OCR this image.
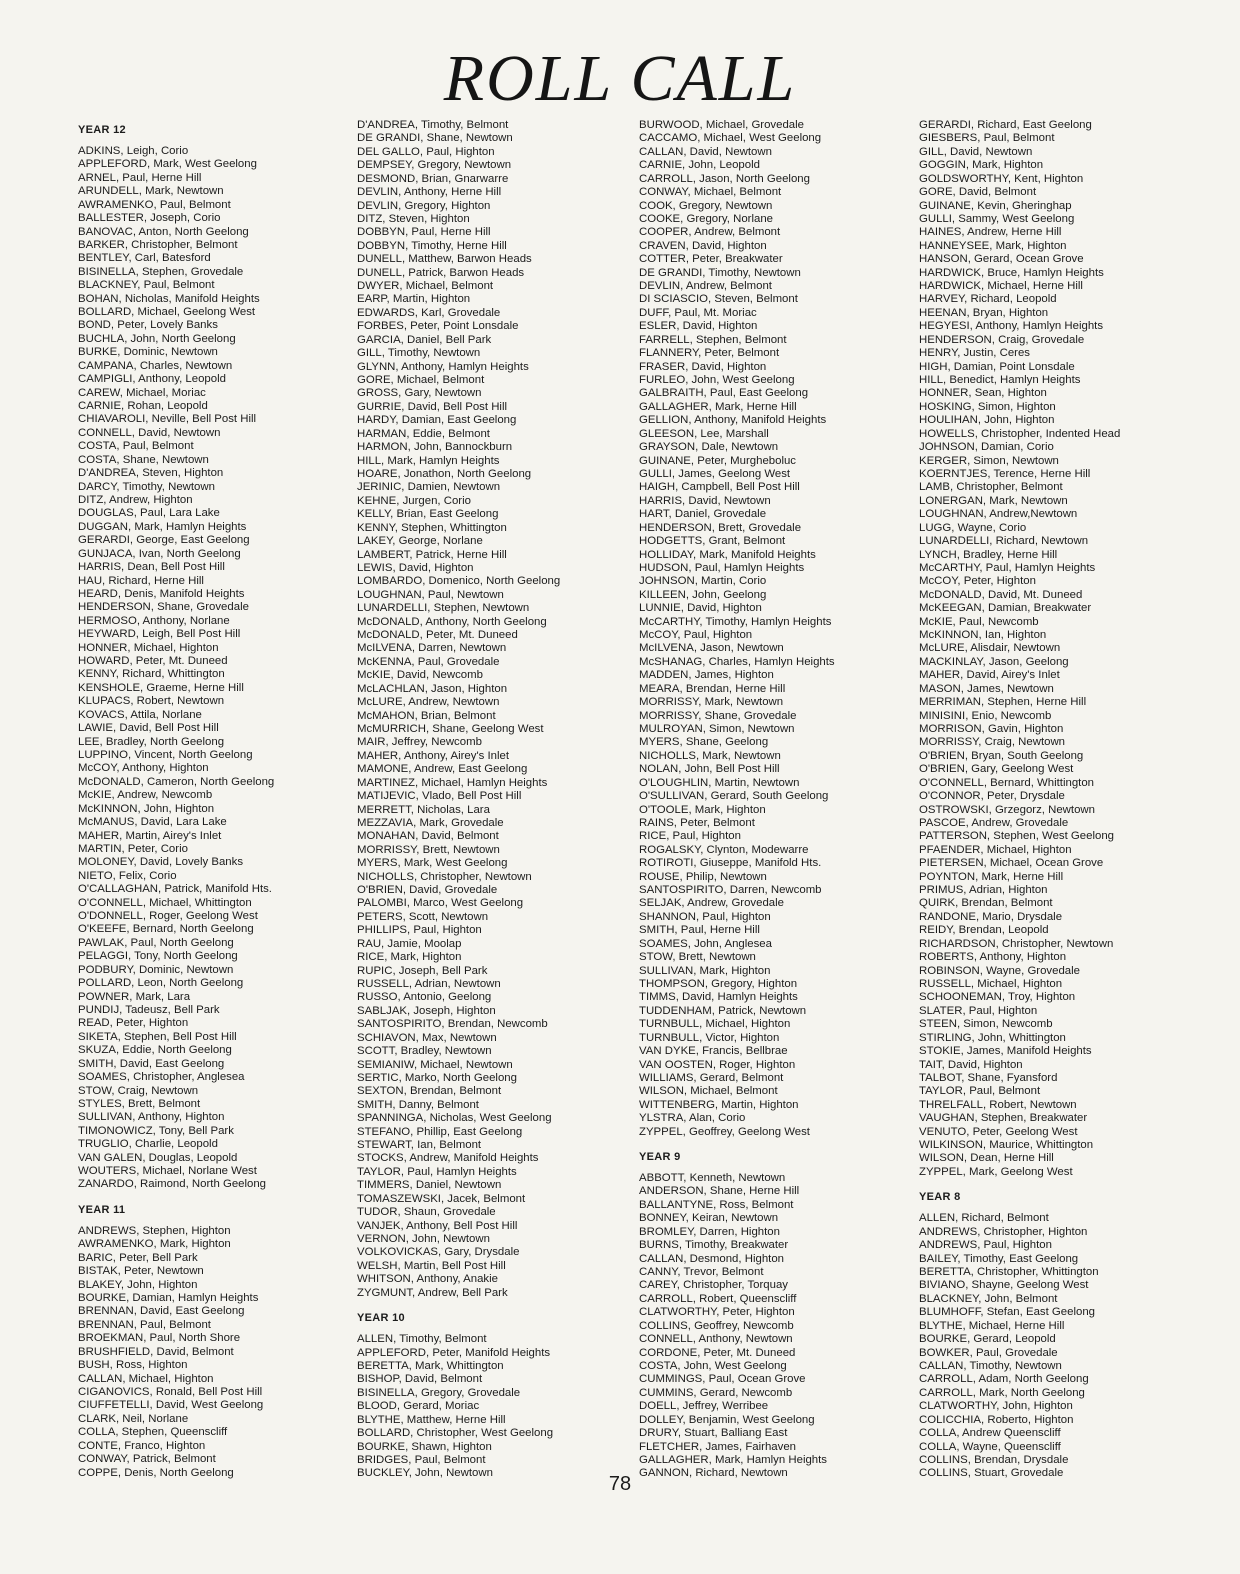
ROLL CALL
YEAR 12
ADKINS, Leigh, Corio
APPLEFORD, Mark, West Geelong
ARNEL, Paul, Herne Hill
ARUNDELL, Mark, Newtown
AWRAMENKO, Paul, Belmont
BALLESTER, Joseph, Corio
BANOVAC, Anton, North Geelong
BARKER, Christopher, Belmont
BENTLEY, Carl, Batesford
BISINELLA, Stephen, Grovedale
BLACKNEY, Paul, Belmont
BOHAN, Nicholas, Manifold Heights
BOLLARD, Michael, Geelong West
BOND, Peter, Lovely Banks
BUCHLA, John, North Geelong
BURKE, Dominic, Newtown
CAMPANA, Charles, Newtown
CAMPIGLI, Anthony, Leopold
CAREW, Michael, Moriac
CARNIE, Rohan, Leopold
CHIAVAROLI, Neville, Bell Post Hill
CONNELL, David, Newtown
COSTA, Paul, Belmont
COSTA, Shane, Newtown
D'ANDREA, Steven, Highton
DARCY, Timothy, Newtown
DITZ, Andrew, Highton
DOUGLAS, Paul, Lara Lake
DUGGAN, Mark, Hamlyn Heights
GERARDI, George, East Geelong
GUNJACA, Ivan, North Geelong
HARRIS, Dean, Bell Post Hill
HAU, Richard, Herne Hill
HEARD, Denis, Manifold Heights
HENDERSON, Shane, Grovedale
HERMOSO, Anthony, Norlane
HEYWARD, Leigh, Bell Post Hill
HONNER, Michael, Highton
HOWARD, Peter, Mt. Duneed
KENNY, Richard, Whittington
KENSHOLE, Graeme, Herne Hill
KLUPACS, Robert, Newtown
KOVACS, Attila, Norlane
LAWIE, David, Bell Post Hill
LEE, Bradley, North Geelong
LUPPINO, Vincent, North Geelong
McCOY, Anthony, Highton
McDONALD, Cameron, North Geelong
McKIE, Andrew, Newcomb
McKINNON, John, Highton
McMANUS, David, Lara Lake
MAHER, Martin, Airey's Inlet
MARTIN, Peter, Corio
MOLONEY, David, Lovely Banks
NIETO, Felix, Corio
O'CALLAGHAN, Patrick, Manifold Hts.
O'CONNELL, Michael, Whittington
O'DONNELL, Roger, Geelong West
O'KEEFE, Bernard, North Geelong
PAWLAK, Paul, North Geelong
PELAGGI, Tony, North Geelong
PODBURY, Dominic, Newtown
POLLARD, Leon, North Geelong
POWNER, Mark, Lara
PUNDIJ, Tadeusz, Bell Park
READ, Peter, Highton
SIKETA, Stephen, Bell Post Hill
SKUZA, Eddie, North Geelong
SMITH, David, East Geelong
SOAMES, Christopher, Anglesea
STOW, Craig, Newtown
STYLES, Brett, Belmont
SULLIVAN, Anthony, Highton
TIMONOWICZ, Tony, Bell Park
TRUGLIO, Charlie, Leopold
VAN GALEN, Douglas, Leopold
WOUTERS, Michael, Norlane West
ZANARDO, Raimond, North Geelong
YEAR 11
ANDREWS, Stephen, Highton
AWRAMENKO, Mark, Highton
BARIC, Peter, Bell Park
BISTAK, Peter, Newtown
BLAKEY, John, Highton
BOURKE, Damian, Hamlyn Heights
BRENNAN, David, East Geelong
BRENNAN, Paul, Belmont
BROEKMAN, Paul, North Shore
BRUSHFIELD, David, Belmont
BUSH, Ross, Highton
CALLAN, Michael, Highton
CIGANOVICS, Ronald, Bell Post Hill
CIUFFETELLI, David, West Geelong
CLARK, Neil, Norlane
COLLA, Stephen, Queenscliff
CONTE, Franco, Highton
CONWAY, Patrick, Belmont
COPPE, Denis, North Geelong
D'ANDREA, Timothy, Belmont
DE GRANDI, Shane, Newtown
DEL GALLO, Paul, Highton
DEMPSEY, Gregory, Newtown
DESMOND, Brian, Gnarwarre
DEVLIN, Anthony, Herne Hill
DEVLIN, Gregory, Highton
DITZ, Steven, Highton
DOBBYN, Paul, Herne Hill
DOBBYN, Timothy, Herne Hill
DUNELL, Matthew, Barwon Heads
DUNELL, Patrick, Barwon Heads
DWYER, Michael, Belmont
EARP, Martin, Highton
EDWARDS, Karl, Grovedale
FORBES, Peter, Point Lonsdale
GARCIA, Daniel, Bell Park
GILL, Timothy, Newtown
GLYNN, Anthony, Hamlyn Heights
GORE, Michael, Belmont
GROSS, Gary, Newtown
GURRIE, David, Bell Post Hill
HARDY, Damian, East Geelong
HARMAN, Eddie, Belmont
HARMON, John, Bannockburn
HILL, Mark, Hamlyn Heights
HOARE, Jonathon, North Geelong
JERINIC, Damien, Newtown
KEHNE, Jurgen, Corio
KELLY, Brian, East Geelong
KENNY, Stephen, Whittington
LAKEY, George, Norlane
LAMBERT, Patrick, Herne Hill
LEWIS, David, Highton
LOMBARDO, Domenico, North Geelong
LOUGHNAN, Paul, Newtown
LUNARDELLI, Stephen, Newtown
McDONALD, Anthony, North Geelong
McDONALD, Peter, Mt. Duneed
McILVENA, Darren, Newtown
McKENNA, Paul, Grovedale
McKIE, David, Newcomb
McLACHLAN, Jason, Highton
McLURE, Andrew, Newtown
McMAHON, Brian, Belmont
McMURRICH, Shane, Geelong West
MAIR, Jeffrey, Newcomb
MAHER, Anthony, Airey's Inlet
MAMONE, Andrew, East Geelong
MARTINEZ, Michael, Hamlyn Heights
MATIJEVIC, Vlado, Bell Post Hill
MERRETT, Nicholas, Lara
MEZZAVIA, Mark, Grovedale
MONAHAN, David, Belmont
MORRISSY, Brett, Newtown
MYERS, Mark, West Geelong
NICHOLLS, Christopher, Newtown
O'BRIEN, David, Grovedale
PALOMBI, Marco, West Geelong
PETERS, Scott, Newtown
PHILLIPS, Paul, Highton
RAU, Jamie, Moolap
RICE, Mark, Highton
RUPIC, Joseph, Bell Park
RUSSELL, Adrian, Newtown
RUSSO, Antonio, Geelong
SABLJAK, Joseph, Highton
SANTOSPIRITO, Brendan, Newcomb
SCHIAVON, Max, Newtown
SCOTT, Bradley, Newtown
SEMIANIW, Michael, Newtown
SERTIC, Marko, North Geelong
SEXTON, Brendan, Belmont
SMITH, Danny, Belmont
SPANNINGA, Nicholas, West Geelong
STEFANO, Phillip, East Geelong
STEWART, Ian, Belmont
STOCKS, Andrew, Manifold Heights
TAYLOR, Paul, Hamlyn Heights
TIMMERS, Daniel, Newtown
TOMASZEWSKI, Jacek, Belmont
TUDOR, Shaun, Grovedale
VANJEK, Anthony, Bell Post Hill
VERNON, John, Newtown
VOLKOVICKAS, Gary, Drysdale
WELSH, Martin, Bell Post Hill
WHITSON, Anthony, Anakie
ZYGMUNT, Andrew, Bell Park
YEAR 10
ALLEN, Timothy, Belmont
APPLEFORD, Peter, Manifold Heights
BERETTA, Mark, Whittington
BISHOP, David, Belmont
BISINELLA, Gregory, Grovedale
BLOOD, Gerard, Moriac
BLYTHE, Matthew, Herne Hill
BOLLARD, Christopher, West Geelong
BOURKE, Shawn, Highton
BRIDGES, Paul, Belmont
BUCKLEY, John, Newtown
BURWOOD, Michael, Grovedale
CACCAMO, Michael, West Geelong
CALLAN, David, Newtown
CARNIE, John, Leopold
CARROLL, Jason, North Geelong
CONWAY, Michael, Belmont
COOK, Gregory, Newtown
COOKE, Gregory, Norlane
COOPER, Andrew, Belmont
CRAVEN, David, Highton
COTTER, Peter, Breakwater
DE GRANDI, Timothy, Newtown
DEVLIN, Andrew, Belmont
DI SCIASCIO, Steven, Belmont
DUFF, Paul, Mt. Moriac
ESLER, David, Highton
FARRELL, Stephen, Belmont
FLANNERY, Peter, Belmont
FRASER, David, Highton
FURLEO, John, West Geelong
GALBRAITH, Paul, East Geelong
GALLAGHER, Mark, Herne Hill
GELLION, Anthony, Manifold Heights
GLEESON, Lee, Marshall
GRAYSON, Dale, Newtown
GUINANE, Peter, Murgheboluc
GULLI, James, Geelong West
HAIGH, Campbell, Bell Post Hill
HARRIS, David, Newtown
HART, Daniel, Grovedale
HENDERSON, Brett, Grovedale
HODGETTS, Grant, Belmont
HOLLIDAY, Mark, Manifold Heights
HUDSON, Paul, Hamlyn Heights
JOHNSON, Martin, Corio
KILLEEN, John, Geelong
LUNNIE, David, Highton
McCARTHY, Timothy, Hamlyn Heights
McCOY, Paul, Highton
McILVENA, Jason, Newtown
McSHANAG, Charles, Hamlyn Heights
MADDEN, James, Highton
MEARA, Brendan, Herne Hill
MORRISSY, Mark, Newtown
MORRISSY, Shane, Grovedale
MULROYAN, Simon, Newtown
MYERS, Shane, Geelong
NICHOLLS, Mark, Newtown
NOLAN, John, Bell Post Hill
O'LOUGHLIN, Martin, Newtown
O'SULLIVAN, Gerard, South Geelong
O'TOOLE, Mark, Highton
RAINS, Peter, Belmont
RICE, Paul, Highton
ROGALSKY, Clynton, Modewarre
ROTIROTI, Giuseppe, Manifold Hts.
ROUSE, Philip, Newtown
SANTOSPIRITO, Darren, Newcomb
SELJAK, Andrew, Grovedale
SHANNON, Paul, Highton
SMITH, Paul, Herne Hill
SOAMES, John, Anglesea
STOW, Brett, Newtown
SULLIVAN, Mark, Highton
THOMPSON, Gregory, Highton
TIMMS, David, Hamlyn Heights
TUDDENHAM, Patrick, Newtown
TURNBULL, Michael, Highton
TURNBULL, Victor, Highton
VAN DYKE, Francis, Bellbrae
VAN OOSTEN, Roger, Highton
WILLIAMS, Gerard, Belmont
WILSON, Michael, Belmont
WITTENBERG, Martin, Highton
YLSTRA, Alan, Corio
ZYPPEL, Geoffrey, Geelong West
YEAR 9
ABBOTT, Kenneth, Newtown
ANDERSON, Shane, Herne Hill
BALLANTYNE, Ross, Belmont
BONNEY, Keiran, Newtown
BROMLEY, Darren, Highton
BURNS, Timothy, Breakwater
CALLAN, Desmond, Highton
CANNY, Trevor, Belmont
CAREY, Christopher, Torquay
CARROLL, Robert, Queenscliff
CLATWORTHY, Peter, Highton
COLLINS, Geoffrey, Newcomb
CONNELL, Anthony, Newtown
CORDONE, Peter, Mt. Duneed
COSTA, John, West Geelong
CUMMINGS, Paul, Ocean Grove
CUMMINS, Gerard, Newcomb
DOELL, Jeffrey, Werribee
DOLLEY, Benjamin, West Geelong
DRURY, Stuart, Balliang East
FLETCHER, James, Fairhaven
GALLAGHER, Mark, Hamlyn Heights
GANNON, Richard, Newtown
GERARDI, Richard, East Geelong
GIESBERS, Paul, Belmont
GILL, David, Newtown
GOGGIN, Mark, Highton
GOLDSWORTHY, Kent, Highton
GORE, David, Belmont
GUINANE, Kevin, Gheringhap
GULLI, Sammy, West Geelong
HAINES, Andrew, Herne Hill
HANNEYSEE, Mark, Highton
HANSON, Gerard, Ocean Grove
HARDWICK, Bruce, Hamlyn Heights
HARDWICK, Michael, Herne Hill
HARVEY, Richard, Leopold
HEENAN, Bryan, Highton
HEGYESI, Anthony, Hamlyn Heights
HENDERSON, Craig, Grovedale
HENRY, Justin, Ceres
HIGH, Damian, Point Lonsdale
HILL, Benedict, Hamlyn Heights
HONNER, Sean, Highton
HOSKING, Simon, Highton
HOULIHAN, John, Highton
HOWELLS, Christopher, Indented Head
JOHNSON, Damian, Corio
KERGER, Simon, Newtown
KOERNTJES, Terence, Herne Hill
LAMB, Christopher, Belmont
LONERGAN, Mark, Newtown
LOUGHNAN, Andrew,Newtown
LUGG, Wayne, Corio
LUNARDELLI, Richard, Newtown
LYNCH, Bradley, Herne Hill
McCARTHY, Paul, Hamlyn Heights
McCOY, Peter, Highton
McDONALD, David, Mt. Duneed
McKEEGAN, Damian, Breakwater
McKIE, Paul, Newcomb
McKINNON, Ian, Highton
McLURE, Alisdair, Newtown
MACKINLAY, Jason, Geelong
MAHER, David, Airey's Inlet
MASON, James, Newtown
MERRIMAN, Stephen, Herne Hill
MINISINI, Enio, Newcomb
MORRISON, Gavin, Highton
MORRISSY, Craig, Newtown
O'BRIEN, Bryan, South Geelong
O'BRIEN, Gary, Geelong West
O'CONNELL, Bernard, Whittington
O'CONNOR, Peter, Drysdale
OSTROWSKI, Grzegorz, Newtown
PASCOE, Andrew, Grovedale
PATTERSON, Stephen, West Geelong
PFAENDER, Michael, Highton
PIETERSEN, Michael, Ocean Grove
POYNTON, Mark, Herne Hill
PRIMUS, Adrian, Highton
QUIRK, Brendan, Belmont
RANDONE, Mario, Drysdale
REIDY, Brendan, Leopold
RICHARDSON, Christopher, Newtown
ROBERTS, Anthony, Highton
ROBINSON, Wayne, Grovedale
RUSSELL, Michael, Highton
SCHOONEMAN, Troy, Highton
SLATER, Paul, Highton
STEEN, Simon, Newcomb
STIRLING, John, Whittington
STOKIE, James, Manifold Heights
TAIT, David, Highton
TALBOT, Shane, Fyansford
TAYLOR, Paul, Belmont
THRELFALL, Robert, Newtown
VAUGHAN, Stephen, Breakwater
VENUTO, Peter, Geelong West
WILKINSON, Maurice, Whittington
WILSON, Dean, Herne Hill
ZYPPEL, Mark, Geelong West
YEAR 8
ALLEN, Richard, Belmont
ANDREWS, Christopher, Highton
ANDREWS, Paul, Highton
BAILEY, Timothy, East Geelong
BERETTA, Christopher, Whittington
BIVIANO, Shayne, Geelong West
BLACKNEY, John, Belmont
BLUMHOFF, Stefan, East Geelong
BLYTHE, Michael, Herne Hill
BOURKE, Gerard, Leopold
BOWKER, Paul, Grovedale
CALLAN, Timothy, Newtown
CARROLL, Adam, North Geelong
CARROLL, Mark, North Geelong
CLATWORTHY, John, Highton
COLICCHIA, Roberto, Highton
COLLA, Andrew Queenscliff
COLLA, Wayne, Queenscliff
COLLINS, Brendan, Drysdale
COLLINS, Stuart, Grovedale
78
